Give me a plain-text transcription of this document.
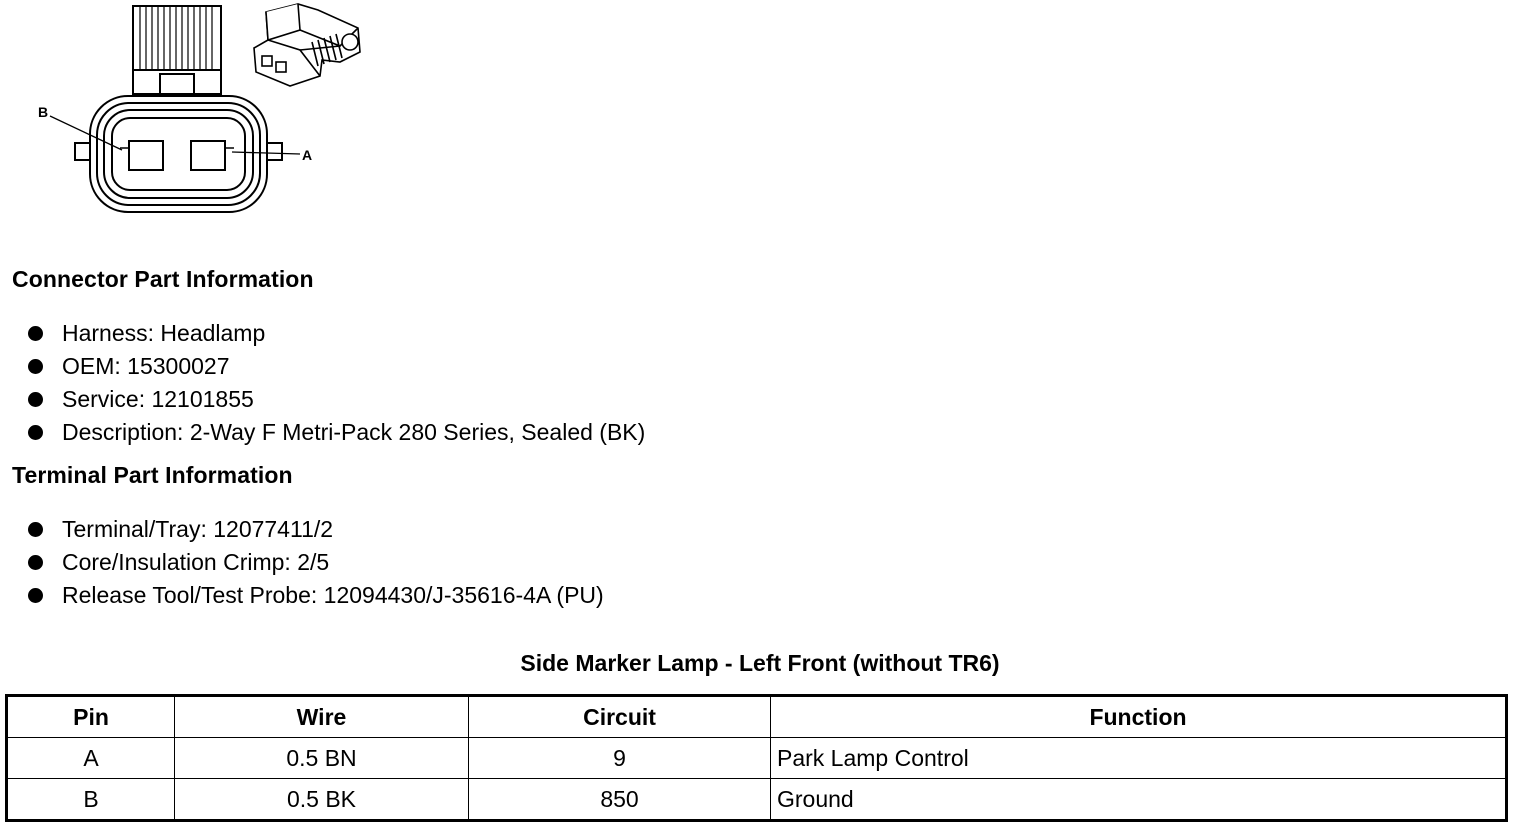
B
A
Connector Part Information
Harness: Headlamp
OEM: 15300027
Service: 12101855
Description: 2-Way F Metri-Pack 280 Series, Sealed (BK)
Terminal Part Information
Terminal/Tray: 12077411/2
Core/Insulation Crimp: 2/5
Release Tool/Test Probe: 12094430/J-35616-4A (PU)
Side Marker Lamp - Left Front (without TR6)
Pin	Wire	Circuit	Function
A	0.5 BN	9	Park Lamp Control
B	0.5 BK	850	Ground
